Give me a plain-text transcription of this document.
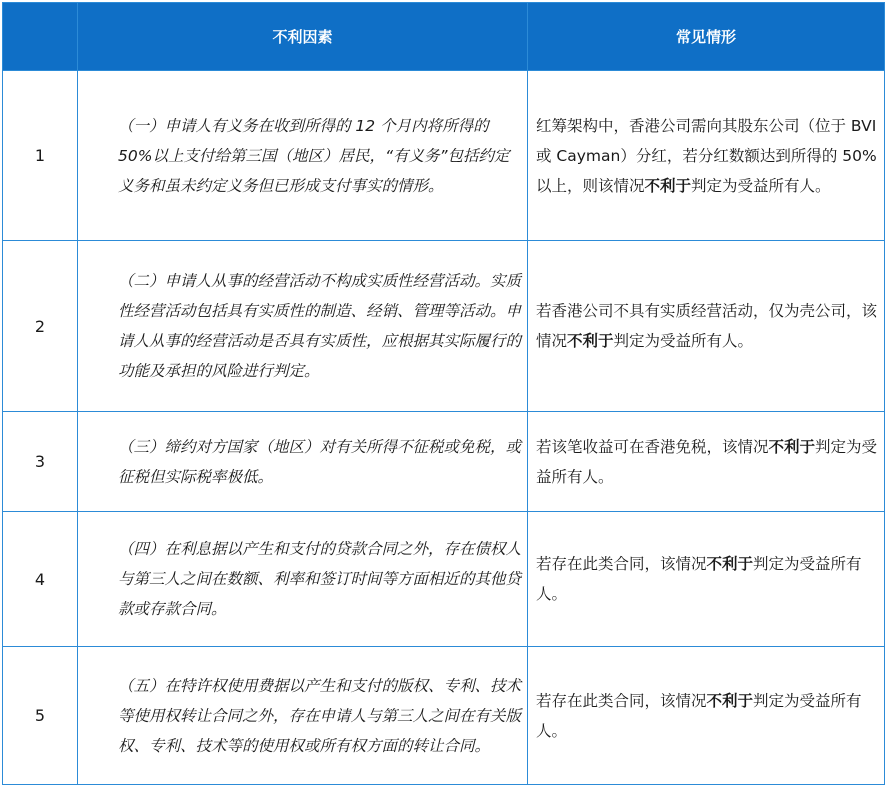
	不利因素	常见情形
1	（一）申请人有义务在收到所得的 12 个月内将所得的50%以上支付给第三国（地区）居民，“有义务”包括约定义务和虽未约定义务但已形成支付事实的情形。	红筹架构中，香港公司需向其股东公司（位于 BVI 或 Cayman）分红，若分红数额达到所得的 50%以上，则该情况不利于判定为受益所有人。
2	（二）申请人从事的经营活动不构成实质性经营活动。实质性经营活动包括具有实质性的制造、经销、管理等活动。申请人从事的经营活动是否具有实质性，应根据其实际履行的功能及承担的风险进行判定。	若香港公司不具有实质经营活动，仅为壳公司，该情况不利于判定为受益所有人。
3	（三）缔约对方国家（地区）对有关所得不征税或免税，或征税但实际税率极低。	若该笔收益可在香港免税，该情况不利于判定为受益所有人。
4	（四）在利息据以产生和支付的贷款合同之外，存在债权人与第三人之间在数额、利率和签订时间等方面相近的其他贷款或存款合同。	若存在此类合同，该情况不利于判定为受益所有人。
5	（五）在特许权使用费据以产生和支付的版权、专利、技术等使用权转让合同之外，存在申请人与第三人之间在有关版权、专利、技术等的使用权或所有权方面的转让合同。	若存在此类合同，该情况不利于判定为受益所有人。
